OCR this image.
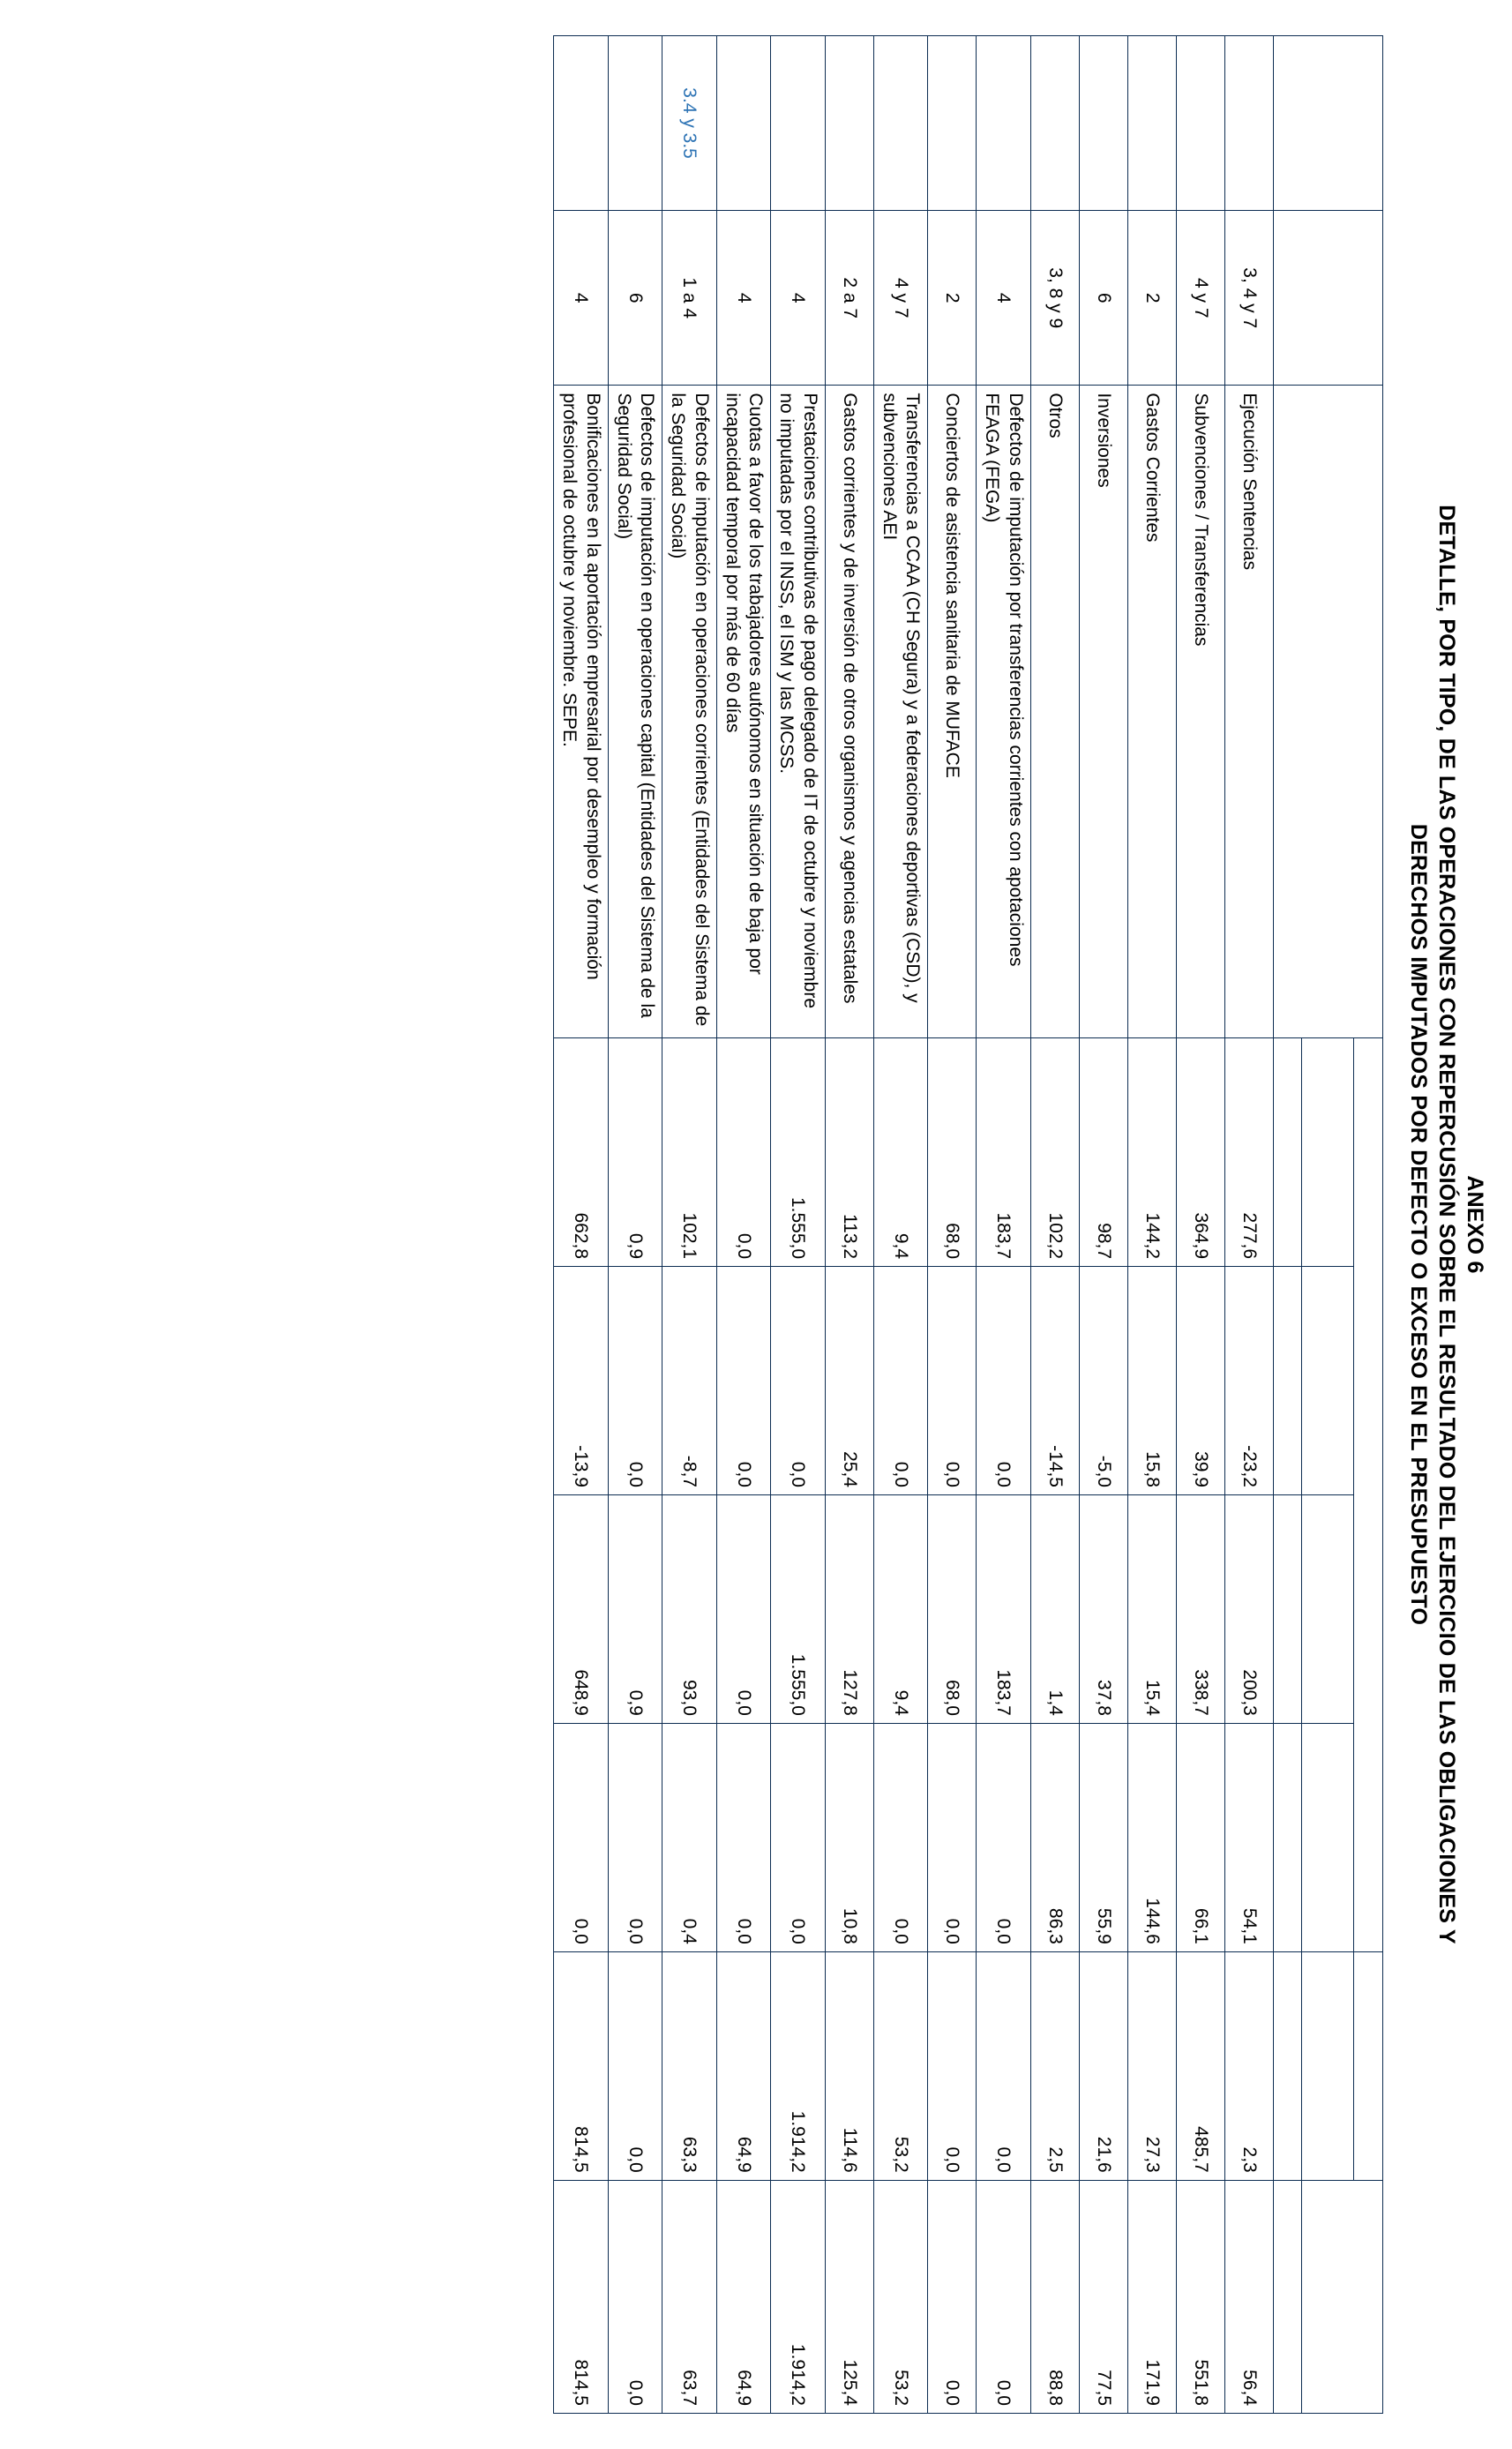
ANEXO 6
DETALLE, POR TIPO, DE LAS OPERACIONES CON REPERCUSIÓN SOBRE EL RESULTADO DEL EJERCICIO DE LAS OBLIGACIONES Y
DERECHOS IMPUTADOS POR DEFECTO O EXCESO EN EL PRESUPUESTO
Párrafo	Capítulo	Concepto	Operaciones de ejercicios anteriores / posteriores (-)				Operaciones de 2023	Total pendiente de aplicación a 31/12/23
			Pendientes de aplicación a 31/12/22	Rectificaciones	Aplicadas en 2023	Pendientes de aplicación a 31/12/23	Pendientes de aplicar a Presupuesto	
			(1)	(2)	(3)	(4)=(1)+(2)-(3)	(5)	(6) = (4) + (5)
	3, 4 y 7	Ejecución Sentencias	277,6	-23,2	200,3	54,1	2,3	56,4
	4 y 7	Subvenciones / Transferencias	364,9	39,9	338,7	66,1	485,7	551,8
	2	Gastos Corrientes	144,2	15,8	15,4	144,6	27,3	171,9
	6	Inversiones	98,7	-5,0	37,8	55,9	21,6	77,5
	3, 8 y 9	Otros	102,2	-14,5	1,4	86,3	2,5	88,8
	4	Defectos de imputación por transferencias corrientes con apotaciones FEAGA (FEGA)	183,7	0,0	183,7	0,0	0,0	0,0
	2	Conciertos de asistencia sanitaria de MUFACE	68,0	0,0	68,0	0,0	0,0	0,0
	4 y 7	Transferencias a CCAA (CH Segura) y a federaciones deportivas (CSD), y subvenciones AEI	9,4	0,0	9,4	0,0	53,2	53,2
	2 a 7	Gastos corrientes y de inversión de otros organismos y agencias estatales	113,2	25,4	127,8	10,8	114,6	125,4
	4	Prestaciones contributivas de pago delegado de IT de octubre y noviembre no imputadas por el INSS, el ISM y las MCSS.	1.555,0	0,0	1.555,0	0,0	1.914,2	1.914,2
	4	Cuotas a favor de los trabajadores autónomos en situación de baja por incapacidad temporal por más de 60 días	0,0	0,0	0,0	0,0	64,9	64,9
3.4 y 3.5	1 a 4	Defectos de imputación en operaciones corrientes (Entidades del Sistema de la Seguridad Social)	102,1	-8,7	93,0	0,4	63,3	63,7
	6	Defectos de imputación en operaciones capital (Entidades del Sistema de la Seguridad Social)	0,9	0,0	0,9	0,0	0,0	0,0
	4	Bonificaciones en la aportación empresarial por desempleo y formación profesional de octubre y noviembre. SEPE.	662,8	-13,9	648,9	0,0	814,5	814,5
